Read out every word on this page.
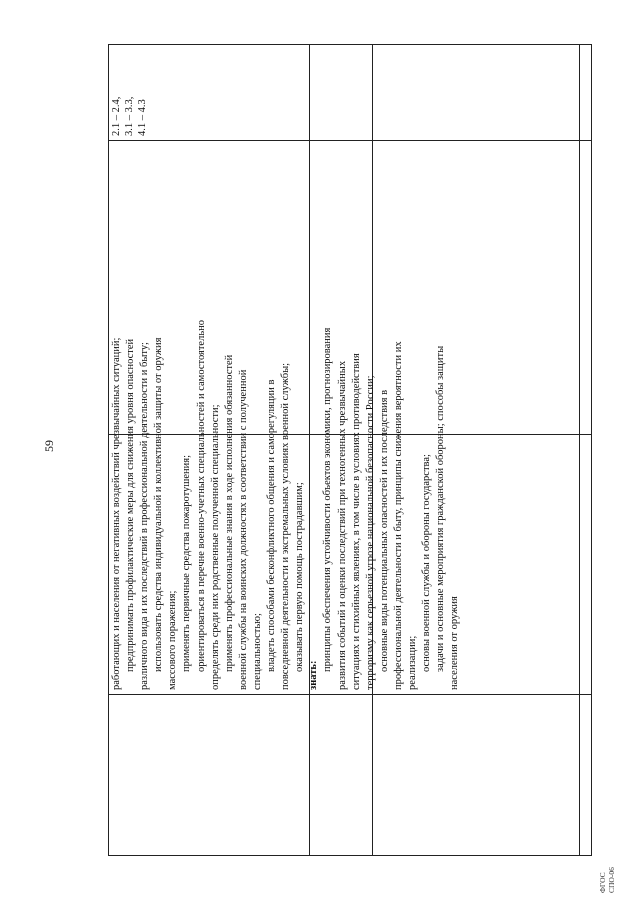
59
ФГОС СПО-06

работающих и населения от негативных воздействий чрезвычайных ситуаций; предпринимать профилактические меры для снижения уровня опасностей различного вида и их последствий в профессиональной деятельности и быту; использовать средства индивидуальной и коллективной защиты от оружия массового поражения; применять первичные средства пожаротушения; ориентироваться в перечне военно-учетных специальностей и самостоятельно определять среди них родственные полученной специальности; применять профессиональные знания в ходе исполнения обязанностей военной службы на воинских должностях в соответствии с полученной специальностью; владеть способами бесконфликтного общения и саморегуляции в повседневной деятельности и экстремальных условиях военной службы; оказывать первую помощь пострадавшим;

знать:

принципы обеспечения устойчивости объектов экономики, прогнозирования развития событий и оценки последствий при техногенных чрезвычайных ситуациях и стихийных явлениях, в том числе в условиях противодействия терроризму как серьезной угрозе национальной безопасности России; основные виды потенциальных опасностей и их последствия в профессиональной деятельности и быту, принципы снижения вероятности их реализации; основы военной службы и обороны государства; задачи и основные мероприятия гражданской обороны; способы защиты населения от оружия

2.1 – 2.4, 3.1 – 3.3, 4.1 – 4.3
